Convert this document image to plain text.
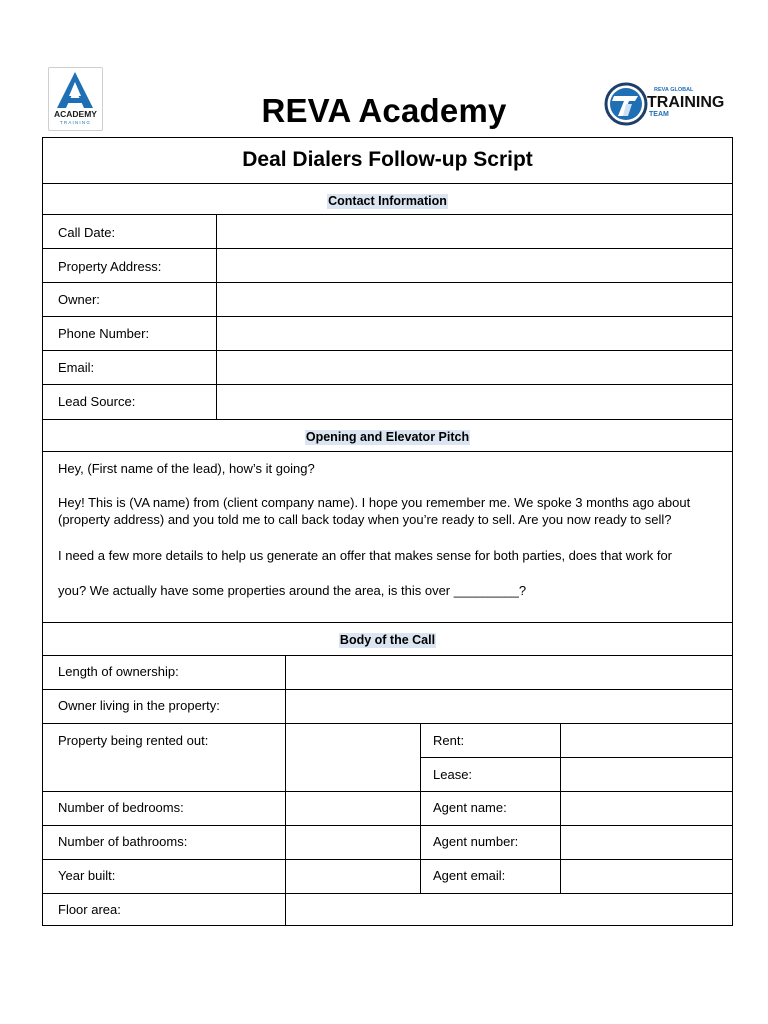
ACADEMY
TRAINING	REVA Academy
REVA GLOBAL
TRAINING
TEAM
Deal Dialers Follow-up Script
Contact Information
Call Date:
Property Address:
Owner:
Phone Number:
Email:
Lead Source:
Opening and Elevator Pitch
Hey, (First name of the lead), how’s it going?
Hey! This is (VA name) from (client company name). I hope you remember me. We spoke 3 months ago about (property address) and you told me to call back today when you’re ready to sell. Are you now ready to sell?
I need a few more details to help us generate an offer that makes sense for both parties, does that work for
you? We actually have some properties around the area, is this over _________?
Body of the Call
Length of ownership:
Owner living in the property:
Property being rented out:	Rent:
Lease:
Number of bedrooms:	Agent name:
Number of bathrooms:	Agent number:
Year built:	Agent email:
Floor area:
